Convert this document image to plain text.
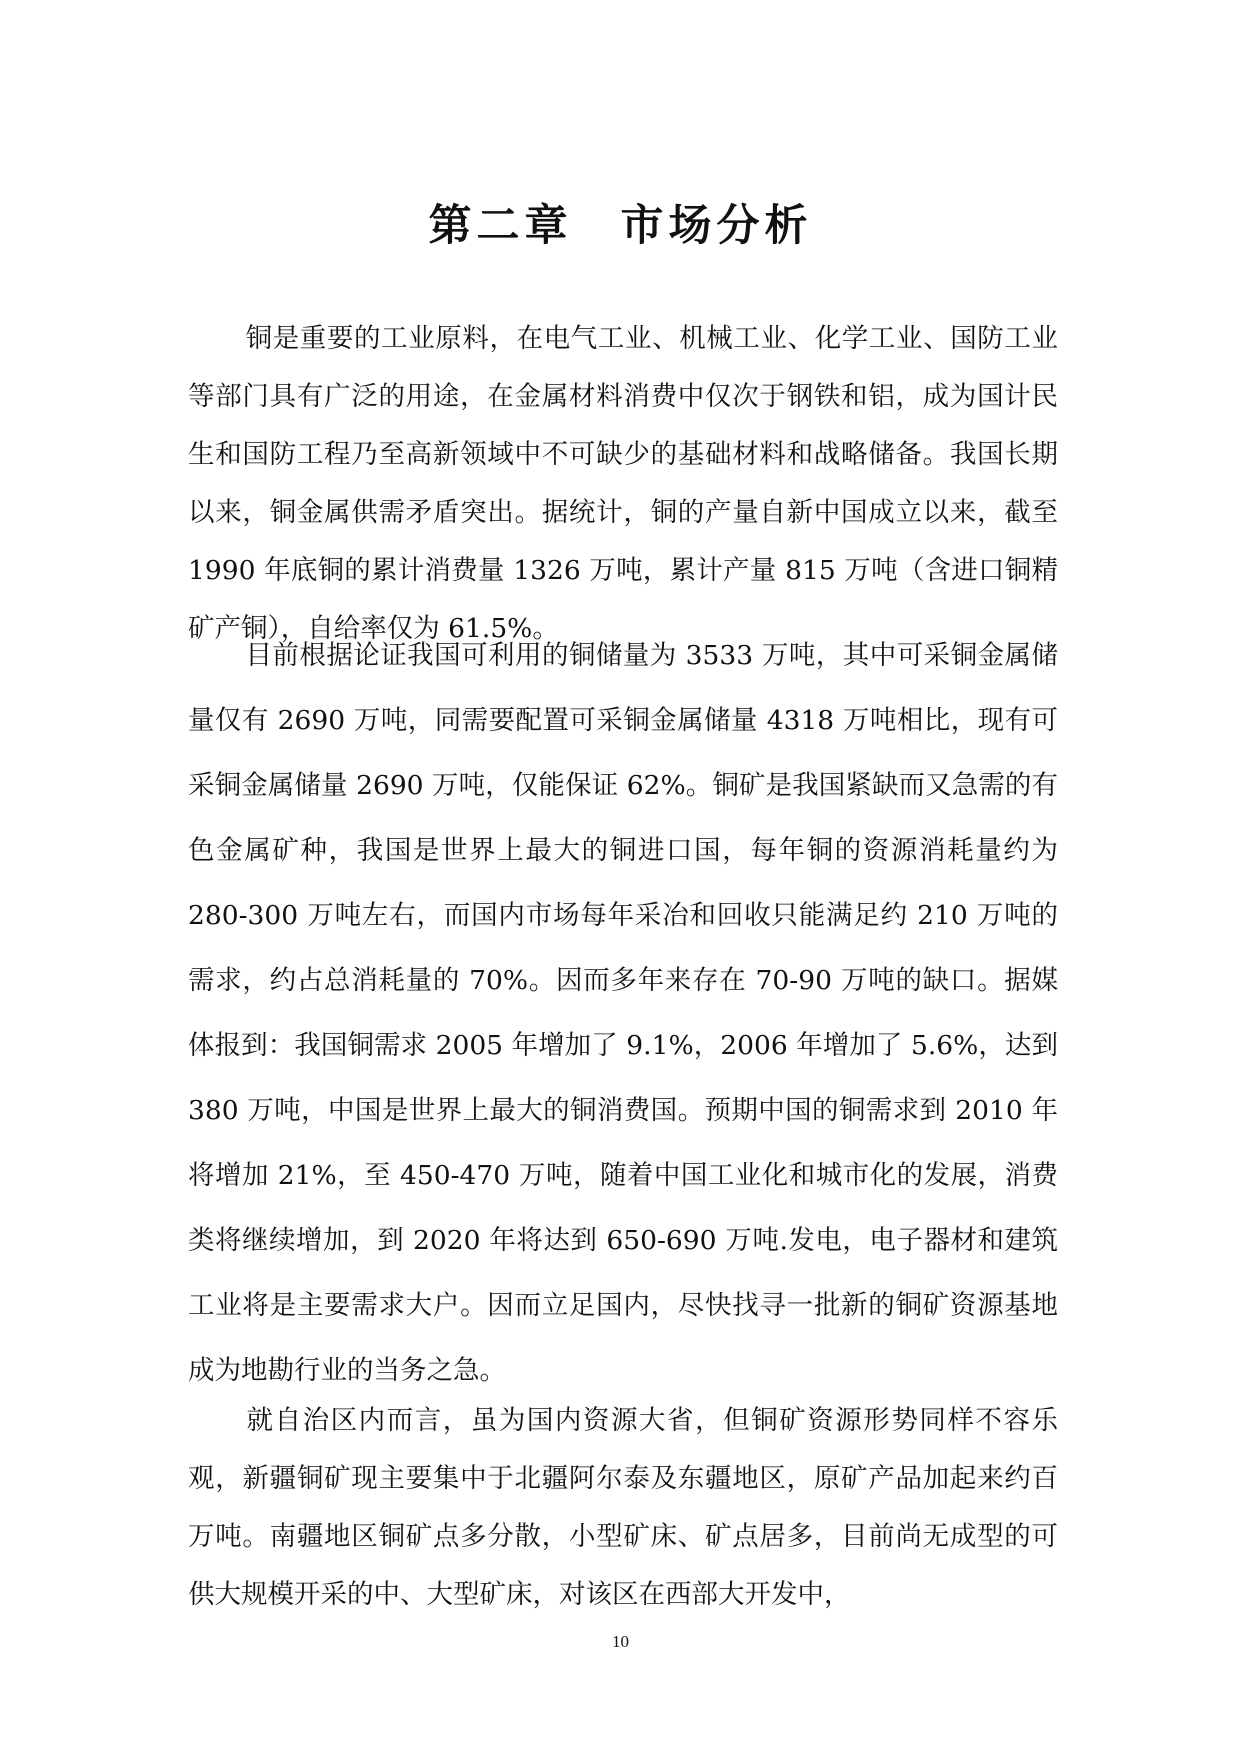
第二章 市场分析

铜是重要的工业原料，在电气工业、机械工业、化学工业、国防工业等部门具有广泛的用途，在金属材料消费中仅次于钢铁和铝，成为国计民生和国防工程乃至高新领域中不可缺少的基础材料和战略储备。我国长期以来，铜金属供需矛盾突出。据统计，铜的产量自新中国成立以来，截至 1990 年底铜的累计消费量 1326 万吨，累计产量 815 万吨（含进口铜精矿产铜），自给率仅为 61.5%。

目前根据论证我国可利用的铜储量为 3533 万吨，其中可采铜金属储量仅有 2690 万吨，同需要配置可采铜金属储量 4318 万吨相比，现有可采铜金属储量 2690 万吨，仅能保证 62%。铜矿是我国紧缺而又急需的有色金属矿种，我国是世界上最大的铜进口国，每年铜的资源消耗量约为 280-300 万吨左右，而国内市场每年采冶和回收只能满足约 210 万吨的需求，约占总消耗量的 70%。因而多年来存在 70-90 万吨的缺口。据媒体报到：我国铜需求 2005 年增加了 9.1%，2006 年增加了 5.6%，达到 380 万吨，中国是世界上最大的铜消费国。预期中国的铜需求到 2010 年将增加 21%，至 450-470 万吨，随着中国工业化和城市化的发展，消费类将继续增加，到 2020 年将达到 650-690 万吨.发电，电子器材和建筑工业将是主要需求大户。因而立足国内，尽快找寻一批新的铜矿资源基地成为地勘行业的当务之急。

就自治区内而言，虽为国内资源大省，但铜矿资源形势同样不容乐观，新疆铜矿现主要集中于北疆阿尔泰及东疆地区，原矿产品加起来约百万吨。南疆地区铜矿点多分散，小型矿床、矿点居多，目前尚无成型的可供大规模开采的中、大型矿床，对该区在西部大开发中，

10
